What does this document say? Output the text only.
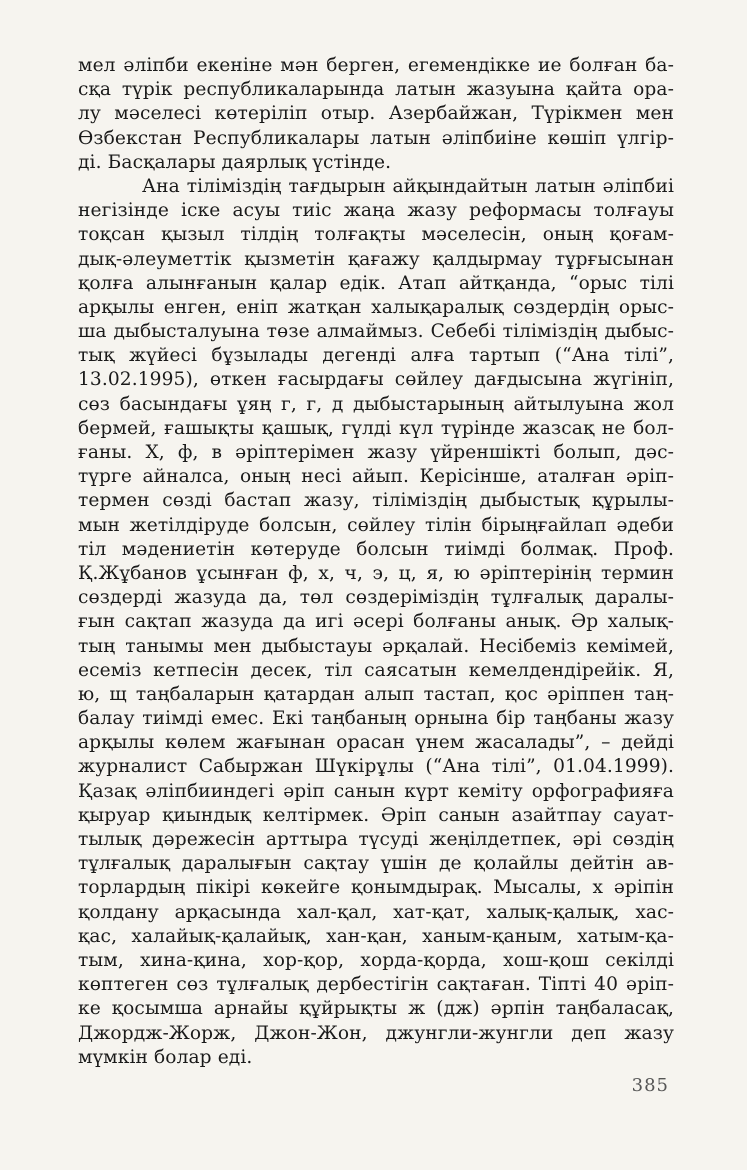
мел әліпби екеніне мән берген, егемендікке ие болған ба-
сқа түрік республикаларында латын жазуына қайта ора-
лу мәселесі көтеріліп отыр. Азербайжан, Түрікмен мен
Өзбекстан Республикалары латын әліпбиіне көшіп үлгір-
ді. Басқалары даярлық үстінде.
Ана тіліміздің тағдырын айқындайтын латын әліпбиі
негізінде іске асуы тиіс жаңа жазу реформасы толғауы
тоқсан қызыл тілдің толғақты мәселесін, оның қоғам-
дық-әлеуметтік қызметін қағажу қалдырмау тұрғысынан
қолға алынғанын қалар едік. Атап айтқанда, “орыс тілі
арқылы енген, еніп жатқан халықаралық сөздердің орыс-
ша дыбысталуына төзе алмаймыз. Себебі тіліміздің дыбыс-
тық жүйесі бұзылады дегенді алға тартып (“Ана тілі”,
13.02.1995), өткен ғасырдағы сөйлеу дағдысына жүгініп,
сөз басындағы ұяң г, г, д дыбыстарының айтылуына жол
бермей, ғашықты қашық, гүлді күл түрінде жазсақ не бол-
ғаны. Х, ф, в әріптерімен жазу үйреншікті болып, дәс-
түрге айналса, оның несі айып. Керісінше, аталған әріп-
термен сөзді бастап жазу, тіліміздің дыбыстық құрылы-
мын жетілдіруде болсын, сөйлеу тілін бірыңғайлап әдеби
тіл мәдениетін көтеруде болсын тиімді болмақ. Проф.
Қ.Жұбанов ұсынған ф, х, ч, э, ц, я, ю әріптерінің термин
сөздерді жазуда да, төл сөздеріміздің тұлғалық даралы-
ғын сақтап жазуда да игі әсері болғаны анық. Әр халық-
тың танымы мен дыбыстауы әрқалай. Несібеміз кемімей,
есеміз кетпесін десек, тіл саясатын кемелдендірейік. Я,
ю, щ таңбаларын қатардан алып тастап, қос әріппен таң-
балау тиімді емес. Екі таңбаның орнына бір таңбаны жазу
арқылы көлем жағынан орасан үнем жасалады”, – дейді
журналист Сабыржан Шүкірұлы (“Ана тілі”, 01.04.1999).
Қазақ әліпбииндегі әріп санын күрт кеміту орфографияға
қыруар қиындық келтірмек. Әріп санын азайтпау сауат-
тылық дәрежесін арттыра түсуді жеңілдетпек, әрі сөздің
тұлғалық даралығын сақтау үшін де қолайлы дейтін ав-
торлардың пікірі көкейге қонымдырақ. Мысалы, х әріпін
қолдану арқасында хал-қал, хат-қат, халық-қалық, хас-
қас, халайық-қалайық, хан-қан, ханым-қаным, хатым-қа-
тым, хина-қина, хор-қор, хорда-қорда, хош-қош секілді
көптеген сөз тұлғалық дербестігін сақтаған. Тіпті 40 әріп-
ке қосымша арнайы құйрықты ж (дж) әрпін таңбаласақ,
Джордж-Жорж, Джон-Жон, джунгли-жунгли деп жазу
мүмкін болар еді.
385
